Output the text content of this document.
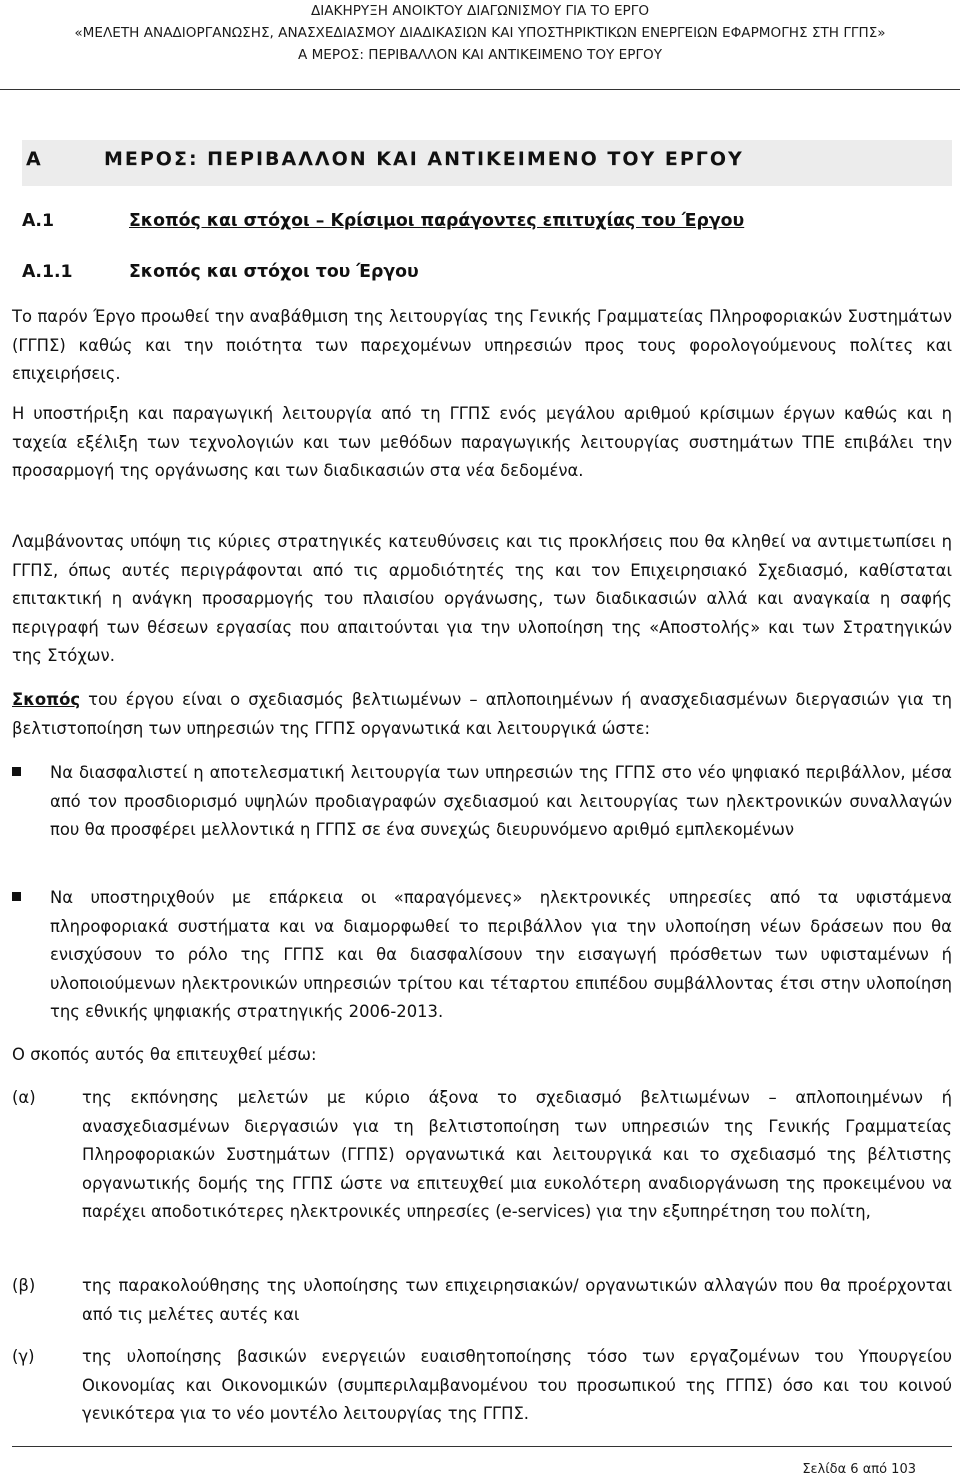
ΔΙΑΚΗΡΥΞΗ ΑΝΟΙΚΤΟΥ ΔΙΑΓΩΝΙΣΜΟΥ ΓΙΑ ΤΟ ΕΡΓΟ
«ΜΕΛΕΤΗ ΑΝΑΔΙΟΡΓΑΝΩΣΗΣ, ΑΝΑΣΧΕΔΙΑΣΜΟΥ ΔΙΑΔΙΚΑΣΙΩΝ ΚΑΙ ΥΠΟΣΤΗΡΙΚΤΙΚΩΝ ΕΝΕΡΓΕΙΩΝ ΕΦΑΡΜΟΓΗΣ ΣΤΗ ΓΓΠΣ»
Α ΜΕΡΟΣ: ΠΕΡΙΒΑΛΛΟΝ ΚΑΙ ΑΝΤΙΚΕΙΜΕΝΟ ΤΟΥ ΕΡΓΟΥ
Α	ΜΕΡΟΣ: ΠΕΡΙΒΑΛΛΟΝ ΚΑΙ ΑΝΤΙΚΕΙΜΕΝΟ ΤΟΥ ΕΡΓΟΥ
Α.1	Σκοπός και στόχοι – Κρίσιμοι παράγοντες επιτυχίας του Έργου
Α.1.1	Σκοπός και στόχοι του Έργου

Το παρόν Έργο προωθεί την αναβάθμιση της λειτουργίας της Γενικής Γραμματείας Πληροφοριακών Συστημάτων (ΓΓΠΣ) καθώς και την ποιότητα των παρεχομένων υπηρεσιών προς τους φορολογούμενους πολίτες και επιχειρήσεις.

Η υποστήριξη και παραγωγική λειτουργία από τη ΓΓΠΣ ενός μεγάλου αριθμού κρίσιμων έργων καθώς και η ταχεία εξέλιξη των τεχνολογιών και των μεθόδων παραγωγικής λειτουργίας συστημάτων ΤΠΕ επιβάλει την προσαρμογή της οργάνωσης και των διαδικασιών στα νέα δεδομένα.

Λαμβάνοντας υπόψη τις κύριες στρατηγικές κατευθύνσεις και τις προκλήσεις που θα κληθεί να αντιμετωπίσει η ΓΓΠΣ, όπως αυτές περιγράφονται από τις αρμοδιότητές της και τον Επιχειρησιακό Σχεδιασμό, καθίσταται επιτακτική η ανάγκη προσαρμογής του πλαισίου οργάνωσης, των διαδικασιών αλλά και αναγκαία η σαφής περιγραφή των θέσεων εργασίας που απαιτούνται για την υλοποίηση της «Αποστολής» και των Στρατηγικών της Στόχων.

Σκοπός του έργου είναι ο σχεδιασμός βελτιωμένων – απλοποιημένων ή ανασχεδιασμένων διεργασιών για τη βελτιστοποίηση των υπηρεσιών της ΓΓΠΣ οργανωτικά και λειτουργικά ώστε:

Να διασφαλιστεί η αποτελεσματική λειτουργία των υπηρεσιών της ΓΓΠΣ στο νέο ψηφιακό περιβάλλον, μέσα από τον προσδιορισμό υψηλών προδιαγραφών σχεδιασμού και λειτουργίας των ηλεκτρονικών συναλλαγών που θα προσφέρει μελλοντικά η ΓΓΠΣ σε ένα συνεχώς διευρυνόμενο αριθμό εμπλεκομένων

Να υποστηριχθούν με επάρκεια οι «παραγόμενες» ηλεκτρονικές υπηρεσίες από τα υφιστάμενα πληροφοριακά συστήματα και να διαμορφωθεί το περιβάλλον για την υλοποίηση νέων δράσεων που θα ενισχύσουν το ρόλο της ΓΓΠΣ και θα διασφαλίσουν την εισαγωγή πρόσθετων των υφισταμένων ή υλοποιούμενων ηλεκτρονικών υπηρεσιών τρίτου και τέταρτου επιπέδου συμβάλλοντας έτσι στην υλοποίηση της εθνικής ψηφιακής στρατηγικής 2006-2013.

Ο σκοπός αυτός θα επιτευχθεί μέσω:

(α)	της εκπόνησης μελετών με κύριο άξονα το σχεδιασμό βελτιωμένων – απλοποιημένων ή ανασχεδιασμένων διεργασιών για τη βελτιστοποίηση των υπηρεσιών της Γενικής Γραμματείας Πληροφοριακών Συστημάτων (ΓΓΠΣ) οργανωτικά και λειτουργικά και το σχεδιασμό της βέλτιστης οργανωτικής δομής της ΓΓΠΣ ώστε να επιτευχθεί μια ευκολότερη αναδιοργάνωση της προκειμένου να παρέχει αποδοτικότερες ηλεκτρονικές υπηρεσίες (e-services) για την εξυπηρέτηση του πολίτη,

(β)	της παρακολούθησης της υλοποίησης των επιχειρησιακών/ οργανωτικών αλλαγών που θα προέρχονται από τις μελέτες αυτές και

(γ)	της υλοποίησης βασικών ενεργειών ευαισθητοποίησης τόσο των εργαζομένων του Υπουργείου Οικονομίας και Οικονομικών (συμπεριλαμβανομένου του προσωπικού της ΓΓΠΣ) όσο και του κοινού γενικότερα για το νέο μοντέλο λειτουργίας της ΓΓΠΣ.

Σελίδα 6 από 103
